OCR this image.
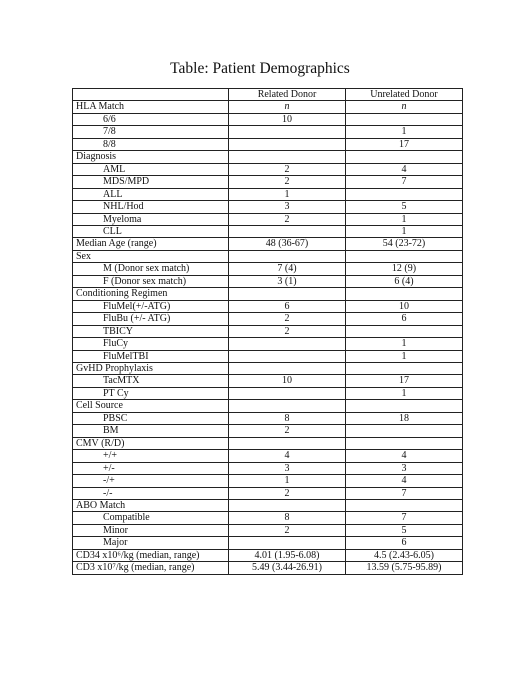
Table: Patient Demographics
	Related Donor	Unrelated Donor
HLA Match	n	n
6/6	10	
7/8		1
8/8		17
Diagnosis		
AML	2	4
MDS/MPD	2	7
ALL	1	
NHL/Hod	3	5
Myeloma	2	1
CLL		1
Median Age (range)	48 (36-67)	54 (23-72)
Sex		
M (Donor sex match)	7 (4)	12 (9)
F (Donor sex match)	3 (1)	6 (4)
Conditioning Regimen		
FluMel(+/-ATG)	6	10
FluBu (+/- ATG)	2	6
TBICY	2	
FluCy		1
FluMelTBI		1
GvHD Prophylaxis		
TacMTX	10	17
PT Cy		1
Cell Source		
PBSC	8	18
BM	2	
CMV (R/D)		
+/+	4	4
+/-	3	3
-/+	1	4
-/-	2	7
ABO Match		
Compatible	8	7
Minor	2	5
Major		6
CD34 x10⁶/kg (median, range)	4.01 (1.95-6.08)	4.5 (2.43-6.05)
CD3 x10⁷/kg (median, range)	5.49 (3.44-26.91)	13.59 (5.75-95.89)
